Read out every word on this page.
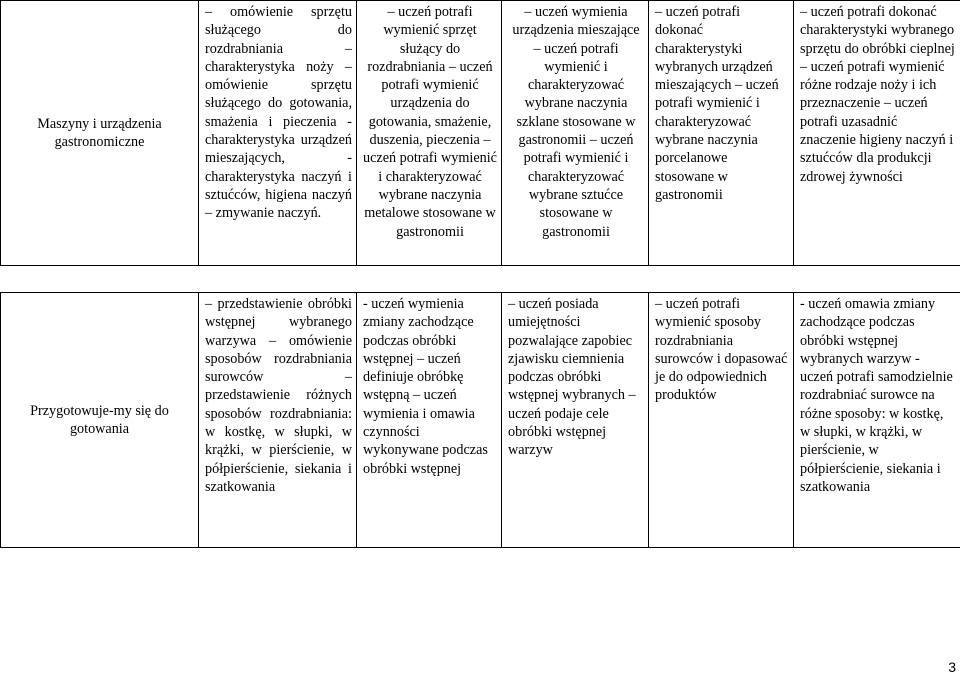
Maszyny i urządzenia gastronomiczne	– omówienie sprzętu służącego do rozdrabniania – charakterystyka noży – omówienie sprzętu służącego do gotowania, smażenia i pieczenia - charakterystyka urządzeń mieszających, - charakterystyka naczyń i sztućców, higiena naczyń – zmywanie naczyń.	– uczeń potrafi wymienić sprzęt służący do rozdrabniania – uczeń potrafi wymienić urządzenia do gotowania, smażenie, duszenia, pieczenia – uczeń potrafi wymienić i charakteryzować wybrane naczynia metalowe stosowane w gastronomii	– uczeń wymienia urządzenia mieszające – uczeń potrafi wymienić i charakteryzować wybrane naczynia szklane stosowane w gastronomii – uczeń potrafi wymienić i charakteryzować wybrane sztućce stosowane w gastronomii	– uczeń potrafi dokonać charakterystyki wybranych urządzeń mieszających – uczeń potrafi wymienić i charakteryzować wybrane naczynia porcelanowe stosowane w gastronomii	– uczeń potrafi dokonać charakterystyki wybranego sprzętu do obróbki cieplnej – uczeń potrafi wymienić różne rodzaje noży i ich przeznaczenie – uczeń potrafi uzasadnić znaczenie higieny naczyń i sztućców dla produkcji zdrowej żywności
Przygotowuje-my się do gotowania	– przedstawienie obróbki wstępnej wybranego warzywa – omówienie sposobów rozdrabniania surowców – przedstawienie różnych sposobów rozdrabniania: w kostkę, w słupki, w krążki, w pierścienie, w półpierścienie, siekania i szatkowania	- uczeń wymienia zmiany zachodzące podczas obróbki wstępnej – uczeń definiuje obróbkę wstępną – uczeń wymienia i omawia czynności wykonywane podczas obróbki wstępnej	– uczeń posiada umiejętności pozwalające zapobiec zjawisku ciemnienia podczas obróbki wstępnej wybranych – uczeń podaje cele obróbki wstępnej warzyw	– uczeń potrafi wymienić sposoby rozdrabniania surowców i dopasować je do odpowiednich produktów	- uczeń omawia zmiany zachodzące podczas obróbki wstępnej wybranych warzyw - uczeń potrafi samodzielnie rozdrabniać surowce na różne sposoby: w kostkę, w słupki, w krążki, w pierścienie, w półpierścienie, siekania i szatkowania
3
